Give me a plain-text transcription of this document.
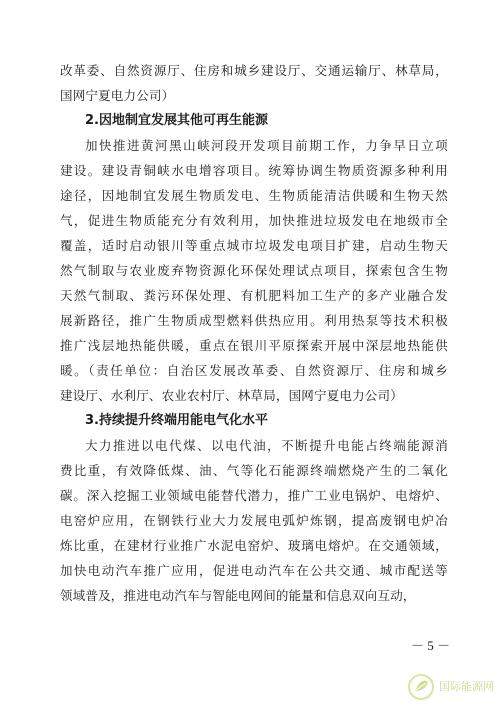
改革委、自然资源厅、住房和城乡建设厅、交通运输厅、林草局，
国网宁夏电力公司）
2.因地制宜发展其他可再生能源
加快推进黄河黑山峡河段开发项目前期工作，力争早日立项
建设。建设青铜峡水电增容项目。统筹协调生物质资源多种利用
途径，因地制宜发展生物质发电、生物质能清洁供暖和生物天然
气，促进生物质能充分有效利用，加快推进垃圾发电在地级市全
覆盖，适时启动银川等重点城市垃圾发电项目扩建，启动生物天
然气制取与农业废弃物资源化环保处理试点项目，探索包含生物
天然气制取、粪污环保处理、有机肥料加工生产的多产业融合发
展新路径，推广生物质成型燃料供热应用。利用热泵等技术积极
推广浅层地热能供暖，重点在银川平原探索开展中深层地热能供
暖。（责任单位：自治区发展改革委、自然资源厅、住房和城乡
建设厅、水利厅、农业农村厅、林草局，国网宁夏电力公司）
3.持续提升终端用能电气化水平
大力推进以电代煤、以电代油，不断提升电能占终端能源消
费比重，有效降低煤、油、气等化石能源终端燃烧产生的二氧化
碳。深入挖掘工业领域电能替代潜力，推广工业电锅炉、电熔炉、
电窑炉应用，在钢铁行业大力发展电弧炉炼钢，提高废钢电炉冶
炼比重，在建材行业推广水泥电窑炉、玻璃电熔炉。在交通领域，
加快电动汽车推广应用，促进电动汽车在公共交通、城市配送等
领域普及，推进电动汽车与智能电网间的能量和信息双向互动，
－ 5 －
国际能源网
